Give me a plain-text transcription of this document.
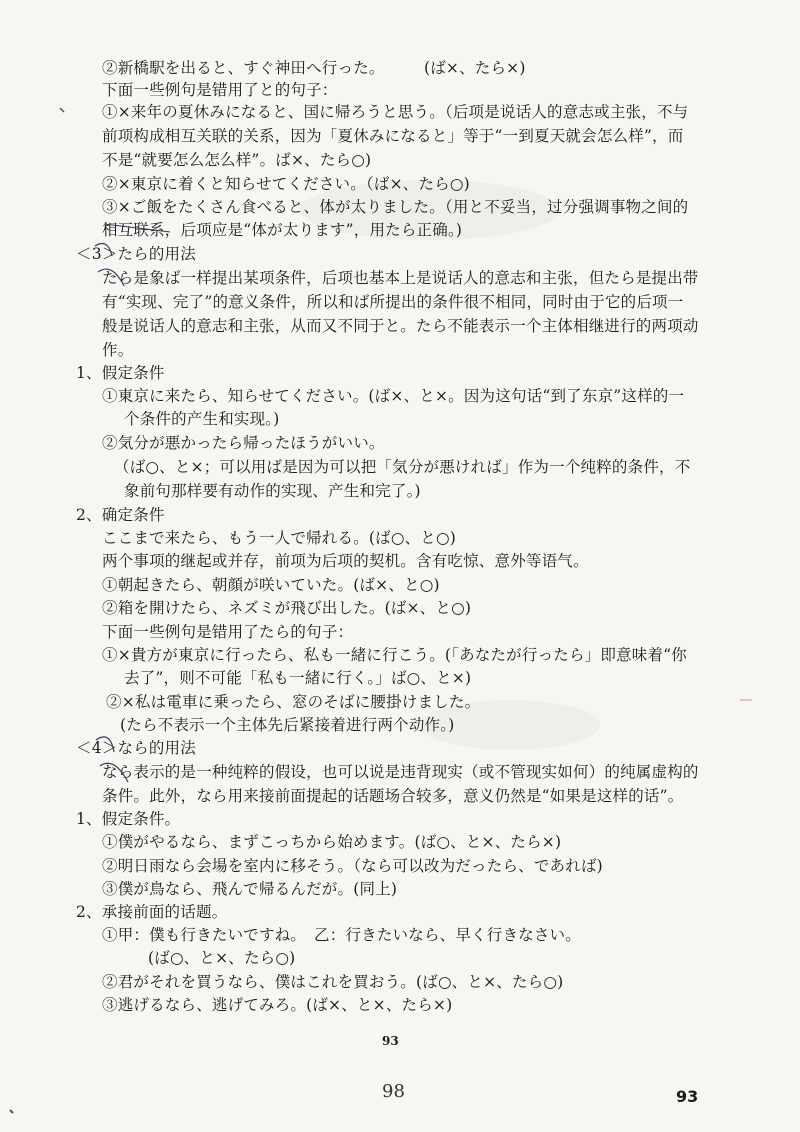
②新橋駅を出ると、すぐ神田へ行った。　　　(ば×、たら×)
下面一些例句是错用了と的句子：
①×来年の夏休みになると、国に帰ろうと思う。（后项是说话人的意志或主张，不与
前项构成相互关联的关系，因为「夏休みになると」等于“一到夏天就会怎么样”，而
不是“就要怎么怎么样”。ば×、たら○)
②×東京に着くと知らせてください。（ば×、たら○)
③×ご飯をたくさん食べると、体が太りました。（用と不妥当，过分强调事物之间的
相互联系，后项应是“体が太ります”，用たら正确。)
＜3＞たら的用法
たら是象ば一样提出某项条件，后项也基本上是说话人的意志和主张，但たら是提出带
有“实现、完了”的意义条件，所以和ば所提出的条件很不相同，同时由于它的后项一
般是说话人的意志和主张，从而又不同于と。たら不能表示一个主体相继进行的两项动
作。
1、假定条件
①東京に来たら、知らせてください。(ば×、と×。因为这句话“到了东京”这样的一
个条件的产生和实现。)
②気分が悪かったら帰ったほうがいい。
（ば○、と×；可以用ば是因为可以把「気分が悪ければ」作为一个纯粹的条件，不
象前句那样要有动作的实现、产生和完了。)
2、确定条件
ここまで来たら、もう一人で帰れる。(ば○、と○)
两个事项的继起或并存，前项为后项的契机。含有吃惊、意外等语气。
①朝起きたら、朝顔が咲いていた。(ば×、と○)
②箱を開けたら、ネズミが飛び出した。(ば×、と○)
下面一些例句是错用了たら的句子：
①×貴方が東京に行ったら、私も一緒に行こう。(「あなたが行ったら」即意味着“你
去了”，则不可能「私も一緒に行く。」ば○、と×)
②×私は電車に乗ったら、窓のそばに腰掛けました。
(たら不表示一个主体先后紧接着进行两个动作。)
＜4＞なら的用法
なら表示的是一种纯粹的假设，也可以说是违背现实（或不管现实如何）的纯属虚构的
条件。此外，なら用来接前面提起的话题场合较多，意义仍然是“如果是这样的话”。
1、假定条件。
①僕がやるなら、まずこっちから始めます。(ば○、と×、たら×)
②明日雨なら会場を室内に移そう。（なら可以改为だったら、であれば)
③僕が鳥なら、飛んで帰るんだが。(同上)
2、承接前面的话题。
①甲：僕も行きたいですね。　乙：行きたいなら、早く行きなさい。
(ば○、と×、たら○)
②君がそれを買うなら、僕はこれを買おう。(ば○、と×、たら○)
③逃げるなら、逃げてみろ。(ば×、と×、たら×)
93
98	93
